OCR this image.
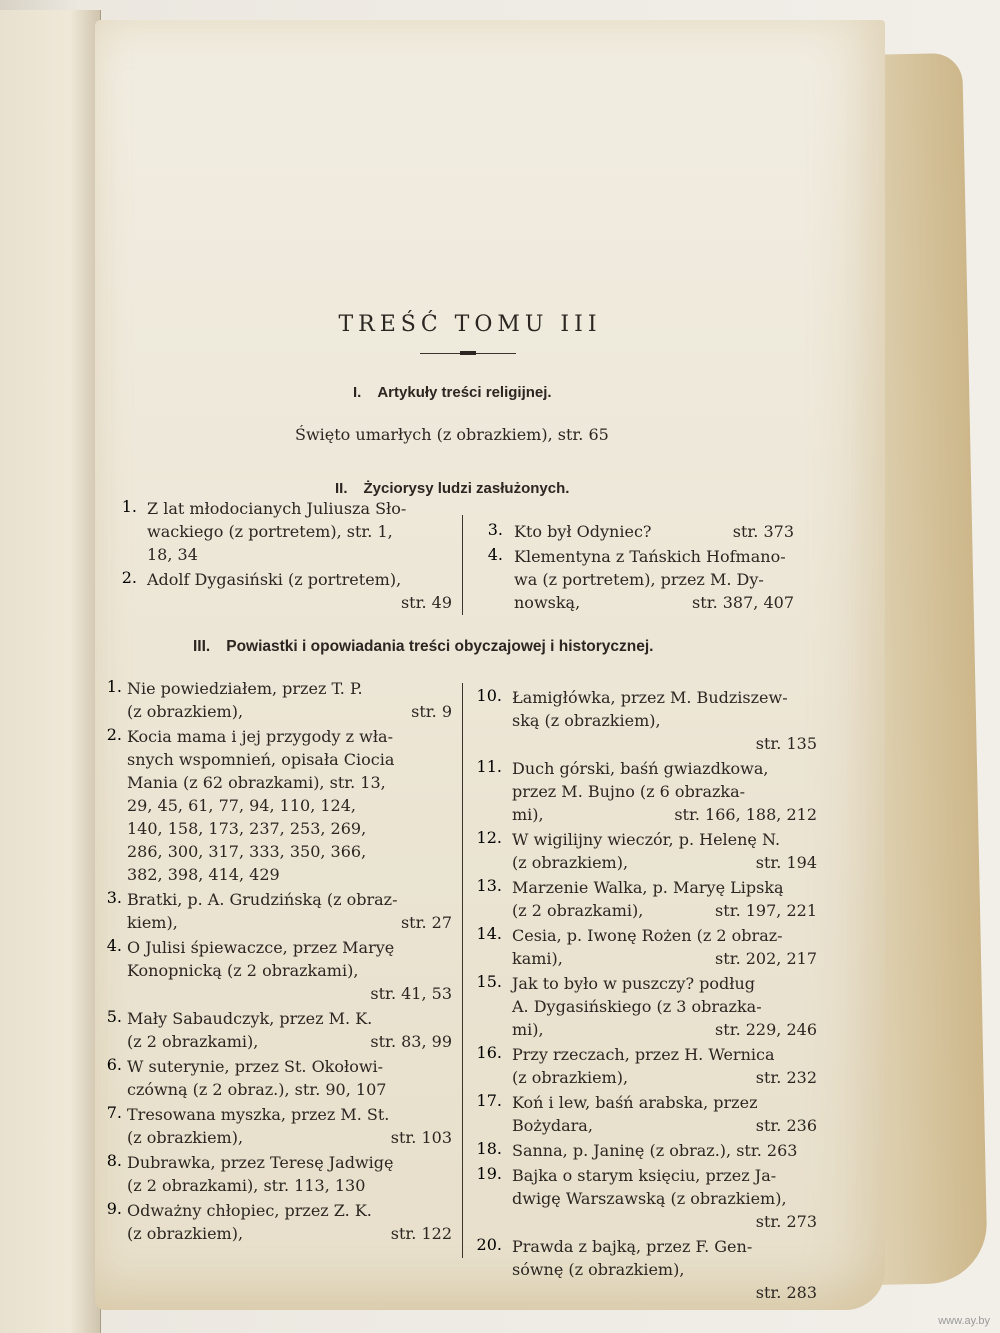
TREŚĆ TOMU III
I. Artykuły treści religijnej.
Święto umarłych (z obrazkiem), str. 65
II. Życiorysy ludzi zasłużonych.
III. Powiastki i opowiadania treści obyczajowej i historycznej.
1. Z lat młodocianych Juliusza Sło-
wackiego (z portretem), str. 1,
18, 34
2. Adolf Dygasiński (z portretem),
str. 49
3. Kto był Odyniec?	str. 373
4. Klementyna z Tańskich Hofmano-
wa (z portretem), przez M. Dy-
nowską,	str. 387, 407
1. Nie powiedziałem, przez T. P.
(z obrazkiem),	str. 9
2. Kocia mama i jej przygody z wła-
snych wspomnień, opisała Ciocia
Mania (z 62 obrazkami), str. 13,
29, 45, 61, 77, 94, 110, 124,
140, 158, 173, 237, 253, 269,
286, 300, 317, 333, 350, 366,
382, 398, 414, 429
3. Bratki, p. A. Grudzińską (z obraz-
kiem),	str. 27
4. O Julisi śpiewaczce, przez Maryę
Konopnicką (z 2 obrazkami),
str. 41, 53
5. Mały Sabaudczyk, przez M. K.
(z 2 obrazkami),	str. 83, 99
6. W suterynie, przez St. Okołowi-
czówną (z 2 obraz.), str. 90, 107
7. Tresowana myszka, przez M. St.
(z obrazkiem),	str. 103
8. Dubrawka, przez Teresę Jadwigę
(z 2 obrazkami), str. 113, 130
9. Odważny chłopiec, przez Z. K.
(z obrazkiem),	str. 122
10. Łamigłówka, przez M. Budziszew-
ską (z obrazkiem),
str. 135
11. Duch górski, baśń gwiazdkowa,
przez M. Bujno (z 6 obrazka-
mi),	str. 166, 188, 212
12. W wigilijny wieczór, p. Helenę N.
(z obrazkiem),	str. 194
13. Marzenie Walka, p. Maryę Lipską
(z 2 obrazkami),	str. 197, 221
14. Cesia, p. Iwonę Rożen (z 2 obraz-
kami),	str. 202, 217
15. Jak to było w puszczy? podług
A. Dygasińskiego (z 3 obrazka-
mi),	str. 229, 246
16. Przy rzeczach, przez H. Wernica
(z obrazkiem),	str. 232
17. Koń i lew, baśń arabska, przez
Bożydara,	str. 236
18. Sanna, p. Janinę (z obraz.), str. 263
19. Bajka o starym księciu, przez Ja-
dwigę Warszawską (z obrazkiem),
str. 273
20. Prawda z bajką, przez F. Gen-
sównę (z obrazkiem),
str. 283
www.ay.by
